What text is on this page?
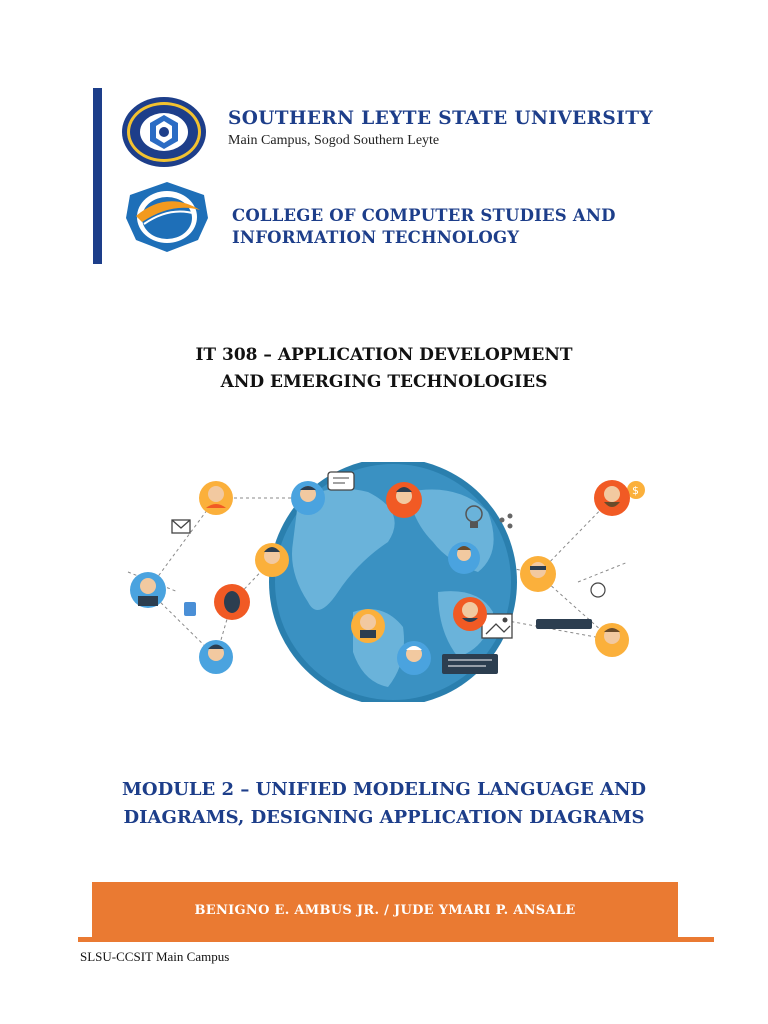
SOUTHERN LEYTE STATE UNIVERSITY
Main Campus, Sogod Southern Leyte
COLLEGE OF COMPUTER STUDIES AND INFORMATION TECHNOLOGY
IT 308 – APPLICATION DEVELOPMENT
AND EMERGING TECHNOLOGIES
$
MODULE 2 – UNIFIED MODELING LANGUAGE AND
DIAGRAMS, DESIGNING APPLICATION DIAGRAMS
BENIGNO E. AMBUS JR. / JUDE YMARI P. ANSALE
SLSU-CCSIT Main Campus
